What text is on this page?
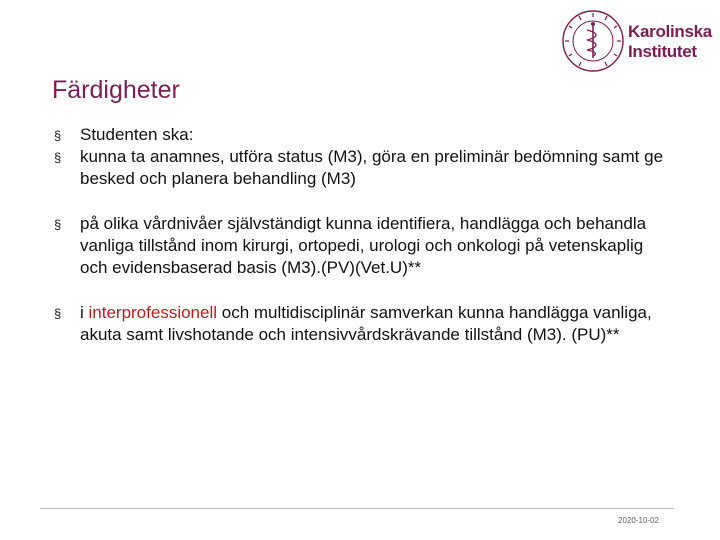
Karolinska
Institutet
Färdigheter
§ Studenten ska:
§ kunna ta anamnes, utföra status (M3), göra en preliminär bedömning samt ge besked och planera behandling (M3)
§ på olika vårdnivåer självständigt kunna identifiera, handlägga och behandla vanliga tillstånd inom kirurgi, ortopedi, urologi och onkologi på vetenskaplig och evidensbaserad basis (M3).(PV)(Vet.U)**
§ i interprofessionell och multidisciplinär samverkan kunna handlägga vanliga, akuta samt livshotande och intensivvårdskrävande tillstånd (M3). (PU)**
2020-10-02
